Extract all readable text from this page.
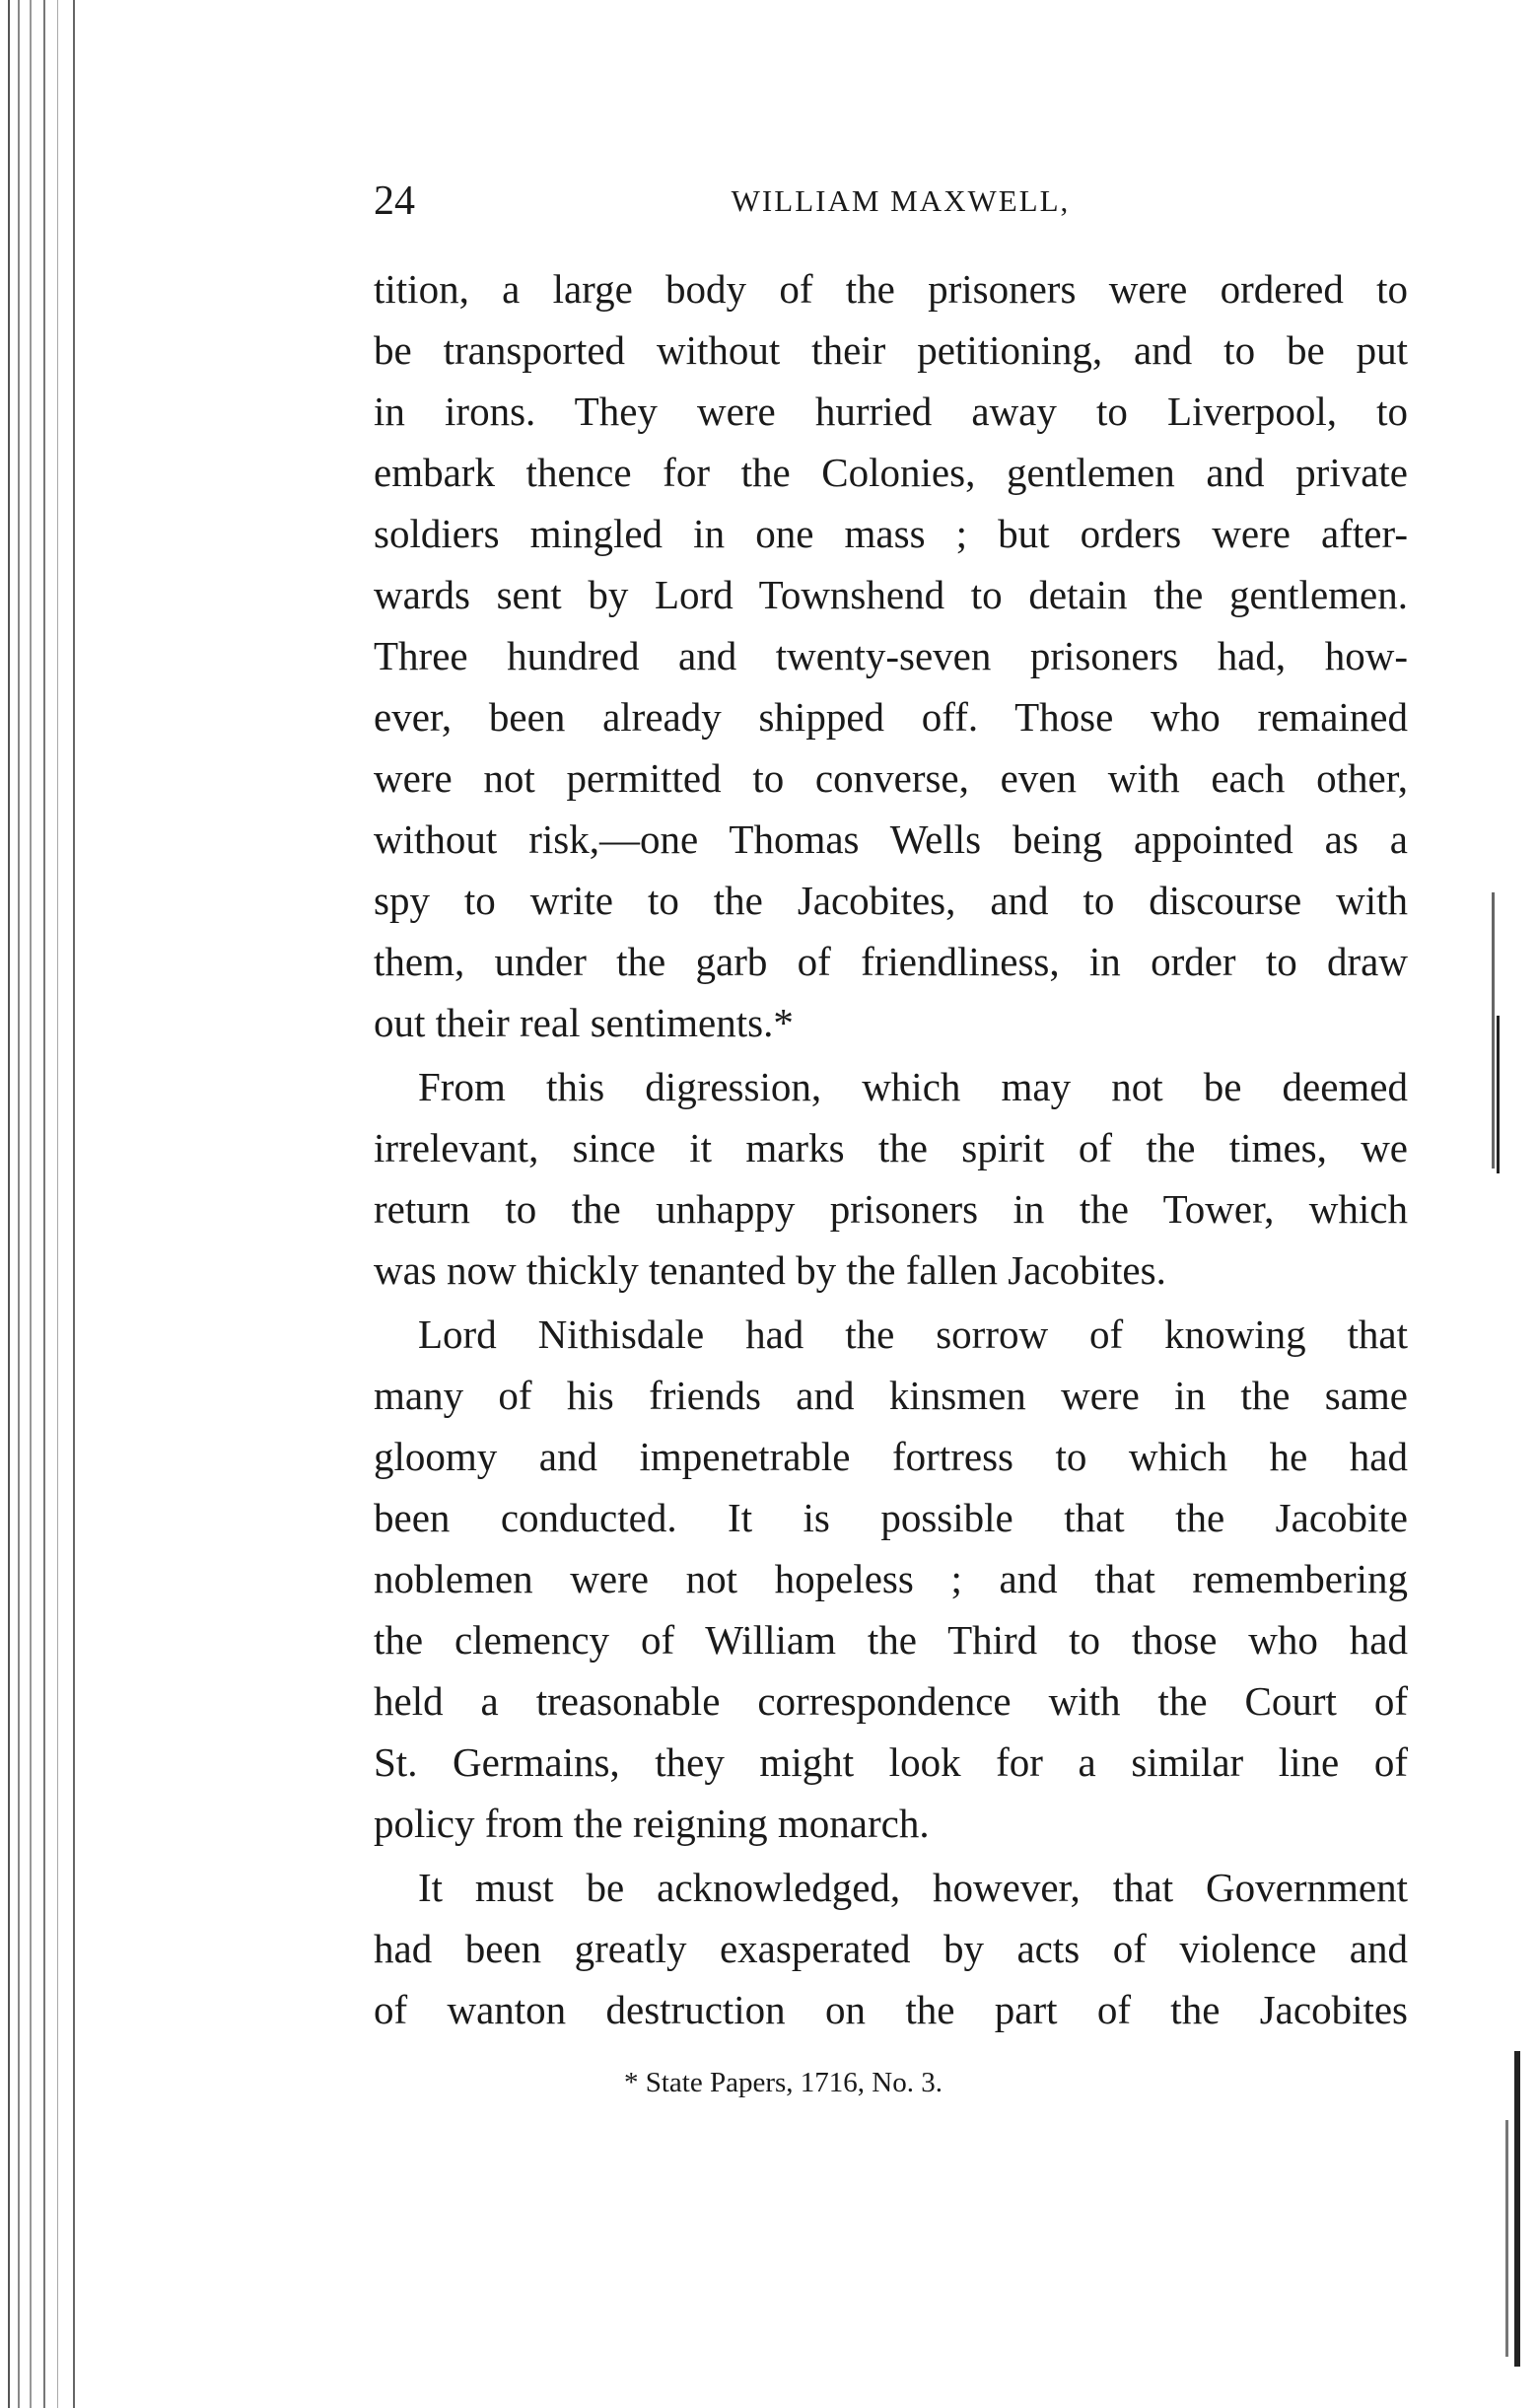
24	WILLIAM MAXWELL,
tition, a large body of the prisoners were ordered to
be transported without their petitioning, and to be put
in irons. They were hurried away to Liverpool, to
embark thence for the Colonies, gentlemen and private
soldiers mingled in one mass ; but orders were after-
wards sent by Lord Townshend to detain the gentlemen.
Three hundred and twenty-seven prisoners had, how-
ever, been already shipped off. Those who remained
were not permitted to converse, even with each other,
without risk,—one Thomas Wells being appointed as a
spy to write to the Jacobites, and to discourse with
them, under the garb of friendliness, in order to draw
out their real sentiments.*
From this digression, which may not be deemed
irrelevant, since it marks the spirit of the times, we
return to the unhappy prisoners in the Tower, which
was now thickly tenanted by the fallen Jacobites.
Lord Nithisdale had the sorrow of knowing that
many of his friends and kinsmen were in the same
gloomy and impenetrable fortress to which he had
been conducted. It is possible that the Jacobite
noblemen were not hopeless ; and that remembering
the clemency of William the Third to those who had
held a treasonable correspondence with the Court of
St. Germains, they might look for a similar line of
policy from the reigning monarch.
It must be acknowledged, however, that Government
had been greatly exasperated by acts of violence and
of wanton destruction on the part of the Jacobites
* State Papers, 1716, No. 3.
